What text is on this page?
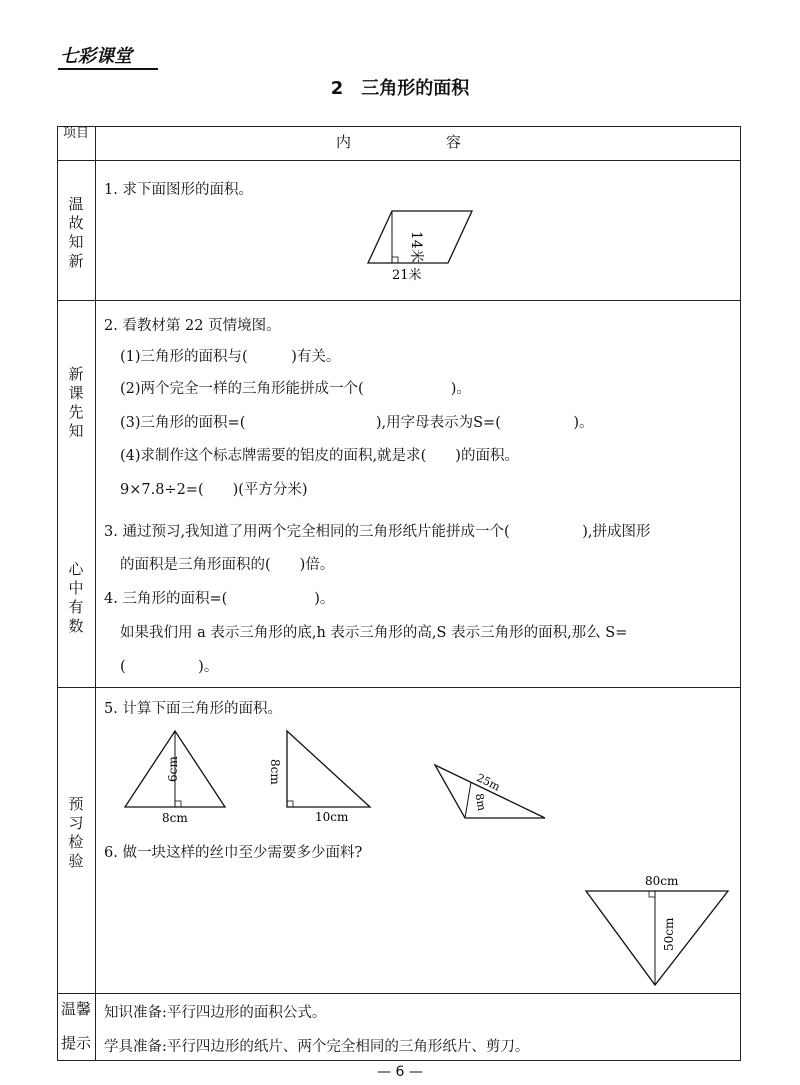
七彩课堂
2 三角形的面积
项目	内　容
温故知新
新课先知
心中有数
预习检验
温馨
提示
1. 求下面图形的面积。
14米
21米
2. 看教材第 22 页情境图。
(1)三角形的面积与(　　　)有关。
(2)两个完全一样的三角形能拼成一个(　　　　　　)。
(3)三角形的面积=(　　　　　　　　　),用字母表示为S=(　　　　　)。
(4)求制作这个标志牌需要的铝皮的面积,就是求(　　)的面积。
9×7.8÷2=(　　)(平方分米)
3. 通过预习,我知道了用两个完全相同的三角形纸片能拼成一个(　　　　　),拼成图形
的面积是三角形面积的(　　)倍。
4. 三角形的面积=(　　　　　　)。
如果我们用 a 表示三角形的底,h 表示三角形的高,S 表示三角形的面积,那么 S=
(　　　　　)。
5. 计算下面三角形的面积。
6cm
8cm
8cm
10cm
25m
8m
6. 做一块这样的丝巾至少需要多少面料?
80cm
50cm
知识准备:平行四边形的面积公式。
学具准备:平行四边形的纸片、两个完全相同的三角形纸片、剪刀。
— 6 —
